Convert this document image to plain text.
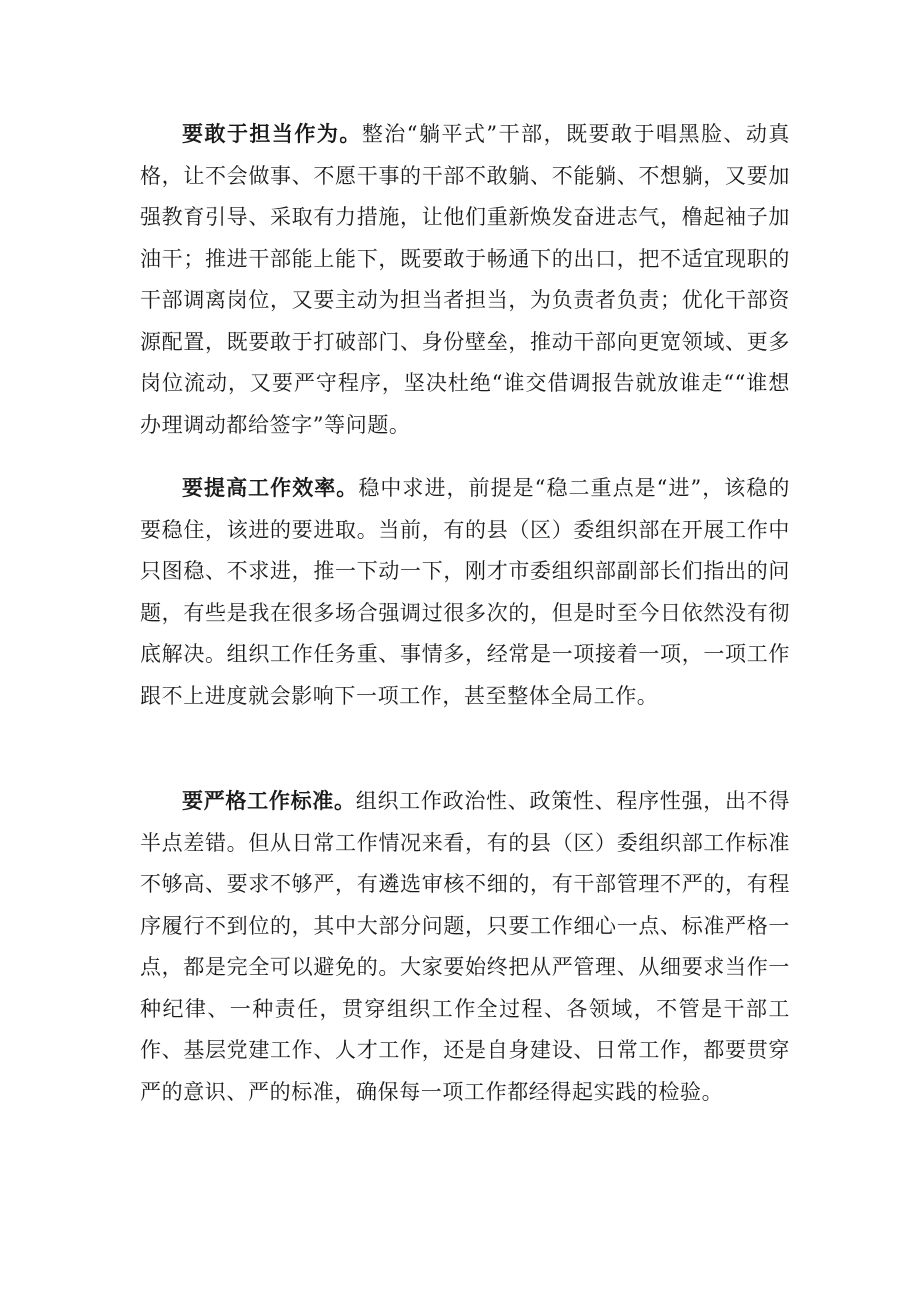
要敢于担当作为。整治“躺平式”干部，既要敢于唱黑脸、动真格，让不会做事、不愿干事的干部不敢躺、不能躺、不想躺，又要加强教育引导、采取有力措施，让他们重新焕发奋进志气，橹起袖子加油干；推进干部能上能下，既要敢于畅通下的出口，把不适宜现职的干部调离岗位，又要主动为担当者担当，为负责者负责；优化干部资源配置，既要敢于打破部门、身份壁垒，推动干部向更宽领域、更多岗位流动，又要严守程序，坚决杜绝“谁交借调报告就放谁走““谁想办理调动都给签字”等问题。

要提高工作效率。稳中求进，前提是“稳二重点是“进”，该稳的要稳住，该进的要进取。当前，有的县（区）委组织部在开展工作中只图稳、不求进，推一下动一下，刚才市委组织部副部长们指出的问题，有些是我在很多场合强调过很多次的，但是时至今日依然没有彻底解决。组织工作任务重、事情多，经常是一项接着一项，一项工作跟不上进度就会影响下一项工作，甚至整体全局工作。

要严格工作标准。组织工作政治性、政策性、程序性强，出不得半点差错。但从日常工作情况来看，有的县（区）委组织部工作标准不够高、要求不够严，有遴选审核不细的，有干部管理不严的，有程序履行不到位的，其中大部分问题，只要工作细心一点、标准严格一点，都是完全可以避免的。大家要始终把从严管理、从细要求当作一种纪律、一种责任，贯穿组织工作全过程、各领域，不管是干部工作、基层党建工作、人才工作，还是自身建设、日常工作，都要贯穿严的意识、严的标准，确保每一项工作都经得起实践的检验。
